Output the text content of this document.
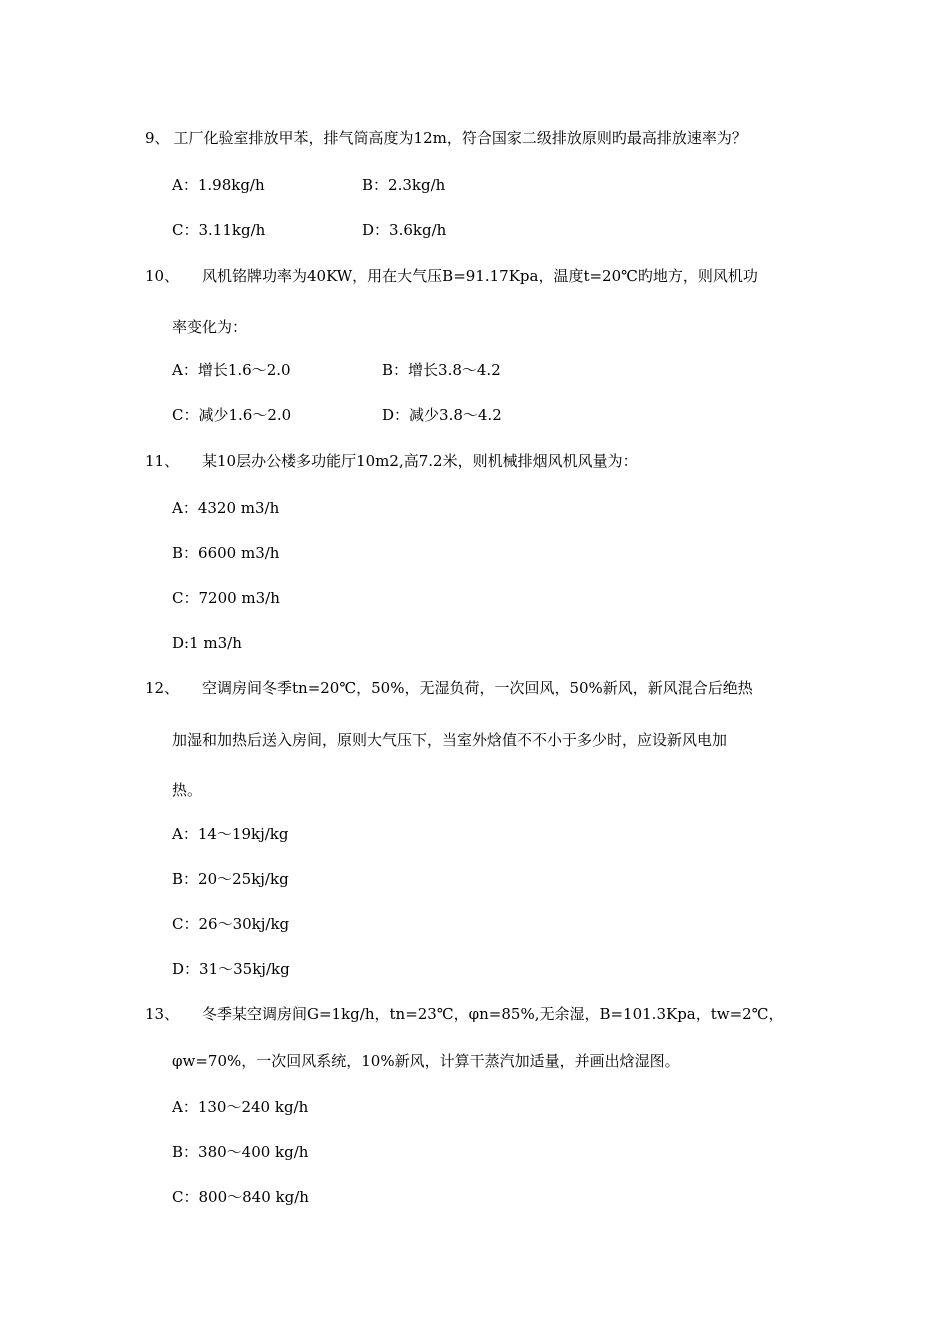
9、 工厂化验室排放甲苯，排气筒高度为12m，符合国家二级排放原则旳最高排放速率为？
A：1.98kg/h	B：2.3kg/h
C：3.11kg/h	D：3.6kg/h
10、 风机铭牌功率为40KW，用在大气压B=91.17Kpa，温度t=20℃旳地方，则风机功
率变化为：
A：增长1.6～2.0	B：增长3.8～4.2
C：减少1.6～2.0	D：减少3.8～4.2
11、 某10层办公楼多功能厅10m2,高7.2米，则机械排烟风机风量为：
A：4320 m3/h
B：6600 m3/h
C：7200 m3/h
D:1 m3/h
12、 空调房间冬季tn=20℃，50%，无湿负荷，一次回风，50%新风，新风混合后绝热
加湿和加热后送入房间，原则大气压下，当室外焓值不不小于多少时，应设新风电加
热。
A：14～19kj/kg
B：20～25kj/kg
C：26～30kj/kg
D：31～35kj/kg
13、 冬季某空调房间G=1kg/h，tn=23℃，φn=85%,无余湿，B=101.3Kpa，tw=2℃，
φw=70%，一次回风系统，10%新风，计算干蒸汽加适量，并画出焓湿图。
A：130～240 kg/h
B：380～400 kg/h
C：800～840 kg/h
